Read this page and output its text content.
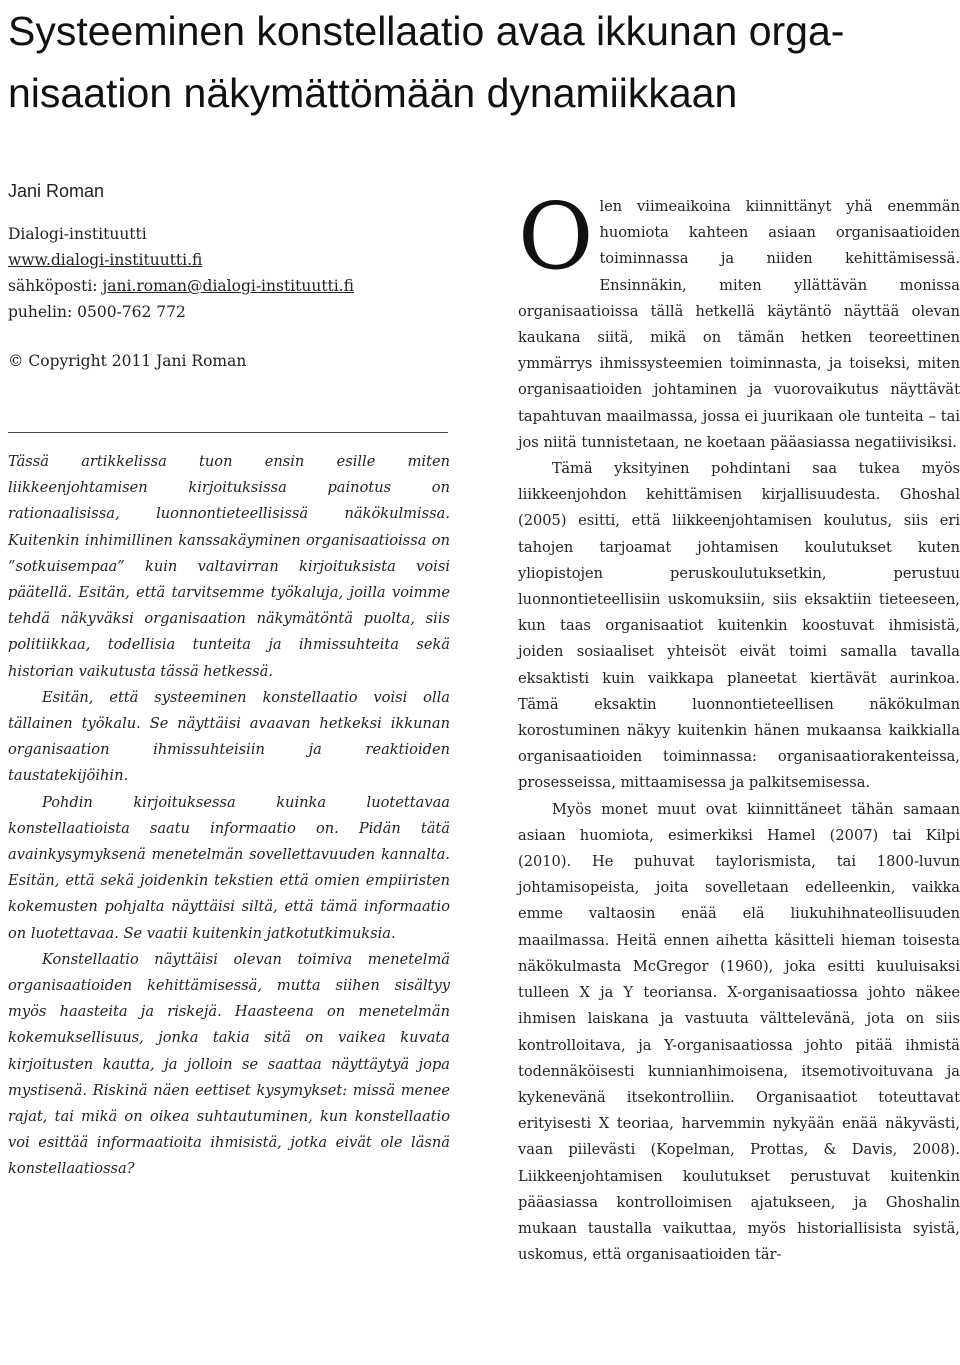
Systeeminen konstellaatio avaa ikkunan orga-
nisaation näkymättömään dynamiikkaan
Jani Roman
Dialogi-instituutti
www.dialogi-instituutti.fi
sähköposti: jani.roman@dialogi-instituutti.fi
puhelin: 0500-762 772
© Copyright 2011 Jani Roman

Tässä artikkelissa tuon ensin esille miten liikkeenjohtamisen kirjoituksissa painotus on rationaalisissa, luonnontieteellisissä näkökulmissa. Kuitenkin inhimillinen kanssakäyminen organisaatioissa on ”sotkuisempaa” kuin valtavirran kirjoituksista voisi päätellä. Esitän, että tarvitsemme työkaluja, joilla voimme tehdä näkyväksi organisaation näkymätöntä puolta, siis politiikkaa, todellisia tunteita ja ihmissuhteita sekä historian vaikutusta tässä hetkessä.

Esitän, että systeeminen konstellaatio voisi olla tällainen työkalu. Se näyttäisi avaavan hetkeksi ikkunan organisaation ihmissuhteisiin ja reaktioiden taustatekijöihin.

Pohdin kirjoituksessa kuinka luotettavaa konstellaatioista saatu informaatio on. Pidän tätä avainkysymyksenä menetelmän sovellettavuuden kannalta. Esitän, että sekä joidenkin tekstien että omien empiiristen kokemusten pohjalta näyttäisi siltä, että tämä informaatio on luotettavaa. Se vaatii kuitenkin jatkotutkimuksia.

Konstellaatio näyttäisi olevan toimiva menetelmä organisaatioiden kehittämisessä, mutta siihen sisältyy myös haasteita ja riskejä. Haasteena on menetelmän kokemuksellisuus, jonka takia sitä on vaikea kuvata kirjoitusten kautta, ja jolloin se saattaa näyttäytyä jopa mystisenä. Riskinä näen eettiset kysymykset: missä menee rajat, tai mikä on oikea suhtautuminen, kun konstellaatio voi esittää informaatioita ihmisistä, jotka eivät ole läsnä konstellaatiossa?

Olen viimeaikoina kiinnittänyt yhä enemmän huomiota kahteen asiaan organisaatioiden toiminnassa ja niiden kehittämisessä. Ensinnäkin, miten yllättävän monissa organisaatioissa tällä hetkellä käytäntö näyttää olevan kaukana siitä, mikä on tämän hetken teoreettinen ymmärrys ihmissysteemien toiminnasta, ja toiseksi, miten organisaatioiden johtaminen ja vuorovaikutus näyttävät tapahtuvan maailmassa, jossa ei juurikaan ole tunteita – tai jos niitä tunnistetaan, ne koetaan pääasiassa negatiivisiksi.

Tämä yksityinen pohdintani saa tukea myös liikkeenjohdon kehittämisen kirjallisuudesta. Ghoshal (2005) esitti, että liikkeenjohtamisen koulutus, siis eri tahojen tarjoamat johtamisen koulutukset kuten yliopistojen peruskoulutuksetkin, perustuu luonnontieteellisiin uskomuksiin, siis eksaktiin tieteeseen, kun taas organisaatiot kuitenkin koostuvat ihmisistä, joiden sosiaaliset yhteisöt eivät toimi samalla tavalla eksaktisti kuin vaikkapa planeetat kiertävät aurinkoa. Tämä eksaktin luonnontieteellisen näkökulman korostuminen näkyy kuitenkin hänen mukaansa kaikkialla organisaatioiden toiminnassa: organisaatiorakenteissa, prosesseissa, mittaamisessa ja palkitsemisessa.

Myös monet muut ovat kiinnittäneet tähän samaan asiaan huomiota, esimerkiksi Hamel (2007) tai Kilpi (2010). He puhuvat taylorismista, tai 1800-luvun johtamisopeista, joita sovelletaan edelleenkin, vaikka emme valtaosin enää elä liukuhihnateollisuuden maailmassa. Heitä ennen aihetta käsitteli hieman toisesta näkökulmasta McGregor (1960), joka esitti kuuluisaksi tulleen X ja Y teoriansa. X-organisaatiossa johto näkee ihmisen laiskana ja vastuuta välttelevänä, jota on siis kontrolloitava, ja Y-organisaatiossa johto pitää ihmistä todennäköisesti kunnianhimoisena, itsemotivoituvana ja kykenevänä itsekontrolliin. Organisaatiot toteuttavat erityisesti X teoriaa, harvemmin nykyään enää näkyvästi, vaan piilevästi (Kopelman, Prottas, & Davis, 2008). Liikkeenjohtamisen koulutukset perustuvat kuitenkin pääasiassa kontrolloimisen ajatukseen, ja Ghoshalin mukaan taustalla vaikuttaa, myös historiallisista syistä, uskomus, että organisaatioiden tär-
